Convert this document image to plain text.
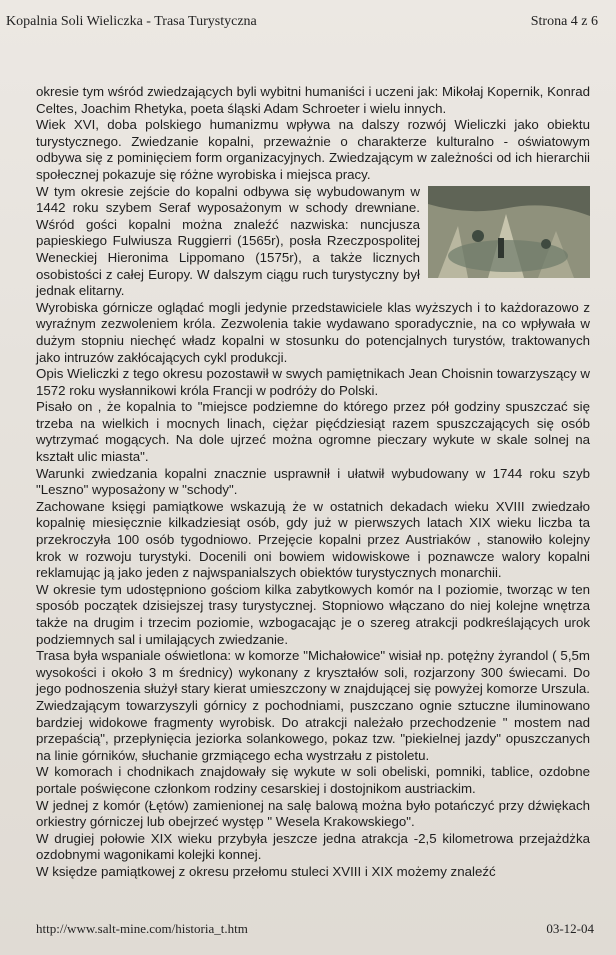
Kopalnia Soli Wieliczka - Trasa Turystyczna	Strona 4 z 6

okresie tym wśród zwiedzających byli wybitni humaniści i uczeni jak: Mikołaj Kopernik, Konrad Celtes, Joachim Rhetyka, poeta śląski Adam Schroeter i wielu innych.

Wiek XVI, doba polskiego humanizmu wpływa na dalszy rozwój Wieliczki jako obiektu turystycznego. Zwiedzanie kopalni, przeważnie o charakterze kulturalno - oświatowym odbywa się z pominięciem form organizacyjnych. Zwiedzającym w zależności od ich hierarchii społecznej pokazuje się różne wyrobiska i miejsca pracy.

W tym okresie zejście do kopalni odbywa się wybudowanym w 1442 roku szybem Seraf wyposażonym w schody drewniane. Wśród gości kopalni można znaleźć nazwiska: nuncjusza papieskiego Fulwiusza Ruggierri (1565r), posła Rzeczpospolitej Weneckiej Hieronima Lippomano (1575r), a także licznych osobistości z całej Europy. W dalszym ciągu ruch turystyczny był jednak elitarny.

Wyrobiska górnicze oglądać mogli jedynie przedstawiciele klas wyższych i to każdorazowo z wyraźnym zezwoleniem króla. Zezwolenia takie wydawano sporadycznie, na co wpływała w dużym stopniu niechęć władz kopalni w stosunku do potencjalnych turystów, traktowanych jako intruzów zakłócających cykl produkcji.

Opis Wieliczki z tego okresu pozostawił w swych pamiętnikach Jean Choisnin towarzyszący w 1572 roku wysłannikowi króla Francji w podróży do Polski.

Pisało on , że kopalnia to "miejsce podziemne do którego przez pół godziny spuszczać się trzeba na wielkich i mocnych linach, ciężar pięćdziesiąt razem spuszczających się osób wytrzymać mogących. Na dole ujrzeć można ogromne pieczary wykute w skale solnej na kształt ulic miasta".

Warunki zwiedzania kopalni znacznie usprawnił i ułatwił wybudowany w 1744 roku szyb "Leszno" wyposażony w "schody".

Zachowane księgi pamiątkowe wskazują że w ostatnich dekadach wieku XVIII zwiedzało kopalnię miesięcznie kilkadziesiąt osób, gdy już w pierwszych latach XIX wieku liczba ta przekroczyła 100 osób tygodniowo. Przejęcie kopalni przez Austriaków , stanowiło kolejny krok w rozwoju turystyki. Docenili oni bowiem widowiskowe i poznawcze walory kopalni reklamując ją jako jeden z najwspanialszych obiektów turystycznych monarchii.

W okresie tym udostępniono gościom kilka zabytkowych komór na I poziomie, tworząc w ten sposób początek dzisiejszej trasy turystycznej. Stopniowo włączano do niej kolejne wnętrza także na drugim i trzecim poziomie, wzbogacając je o szereg atrakcji podkreślających urok podziemnych sal i umilających zwiedzanie.

Trasa była wspaniale oświetlona: w komorze "Michałowice" wisiał np. potężny żyrandol ( 5,5m wysokości i około 3 m średnicy) wykonany z kryształów soli, rozjarzony 300 świecami. Do jego podnoszenia służył stary kierat umieszczony w znajdującej się powyżej komorze Urszula. Zwiedzającym towarzyszyli górnicy z pochodniami, puszczano ognie sztuczne iluminowano bardziej widokowe fragmenty wyrobisk. Do atrakcji należało przechodzenie " mostem nad przepaścią", przepłynięcia jeziorka solankowego, pokaz tzw. "piekielnej jazdy" opuszczanych na linie górników, słuchanie grzmiącego echa wystrzału z pistoletu.

W komorach i chodnikach znajdowały się wykute w soli obeliski, pomniki, tablice, ozdobne portale poświęcone członkom rodziny cesarskiej i dostojnikom austriackim.

W jednej z komór (Łętów) zamienionej na salę balową można było potańczyć przy dźwiękach orkiestry górniczej lub obejrzeć występ " Wesela Krakowskiego".

W drugiej połowie XIX wieku przybyła jeszcze jedna atrakcja -2,5 kilometrowa przejażdżka ozdobnymi wagonikami kolejki konnej.

W księdze pamiątkowej z okresu przełomu stuleci XVIII i XIX możemy znaleźć

http://www.salt-mine.com/historia_t.htm	03-12-04
